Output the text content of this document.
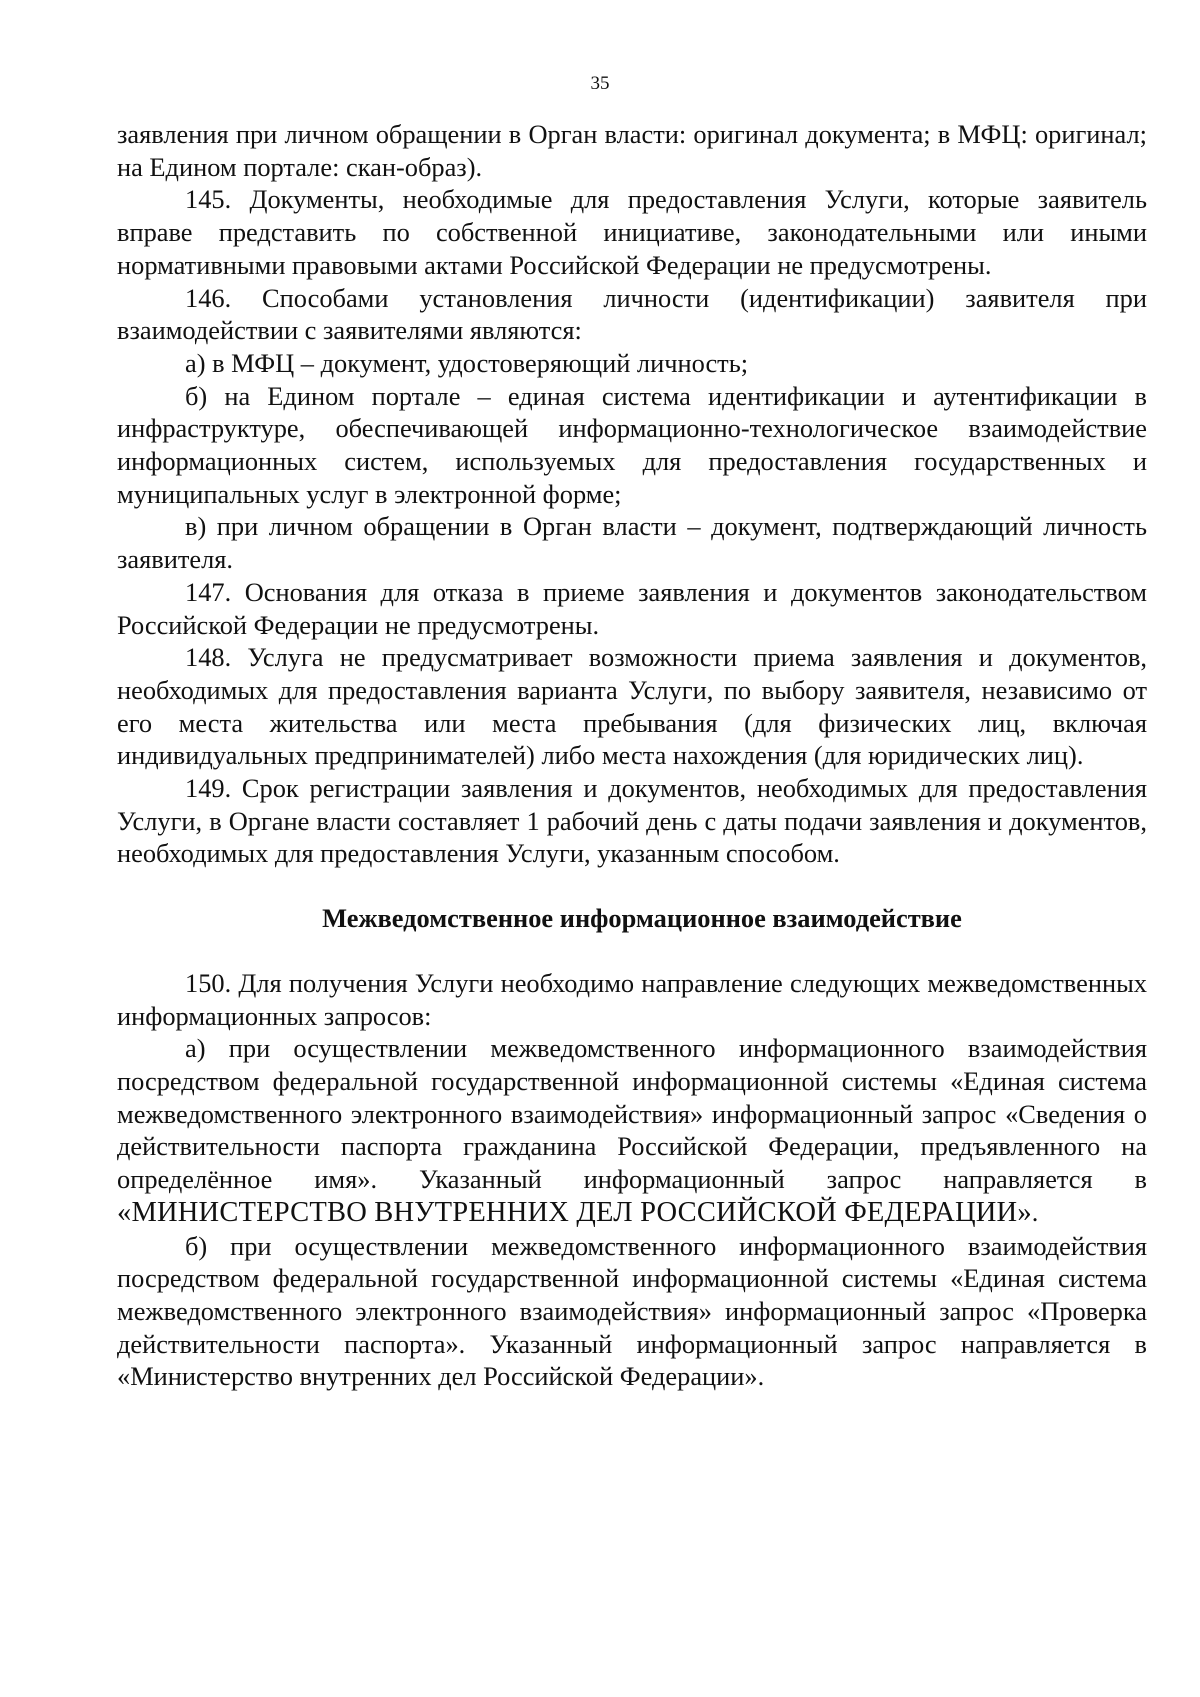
35

заявления при личном обращении в Орган власти: оригинал документа; в МФЦ: оригинал; на Едином портале: скан-образ).

145. Документы, необходимые для предоставления Услуги, которые заявитель вправе представить по собственной инициативе, законодательными или иными нормативными правовыми актами Российской Федерации не предусмотрены.

146. Способами установления личности (идентификации) заявителя при взаимодействии с заявителями являются:

а) в МФЦ – документ, удостоверяющий личность;

б) на Едином портале – единая система идентификации и аутентификации в инфраструктуре, обеспечивающей информационно-технологическое взаимодействие информационных систем, используемых для предоставления государственных и муниципальных услуг в электронной форме;

в) при личном обращении в Орган власти – документ, подтверждающий личность заявителя.

147. Основания для отказа в приеме заявления и документов законодательством Российской Федерации не предусмотрены.

148. Услуга не предусматривает возможности приема заявления и документов, необходимых для предоставления варианта Услуги, по выбору заявителя, независимо от его места жительства или места пребывания (для физических лиц, включая индивидуальных предпринимателей) либо места нахождения (для юридических лиц).

149. Срок регистрации заявления и документов, необходимых для предоставления Услуги, в Органе власти составляет 1 рабочий день с даты подачи заявления и документов, необходимых для предоставления Услуги, указанным способом.

Межведомственное информационное взаимодействие

150. Для получения Услуги необходимо направление следующих межведомственных информационных запросов:

а) при осуществлении межведомственного информационного взаимодействия посредством федеральной государственной информационной системы «Единая система межведомственного электронного взаимодействия» информационный запрос «Сведения о действительности паспорта гражданина Российской Федерации, предъявленного на определённое имя». Указанный информационный запрос направляется в «МИНИСТЕРСТВО ВНУТРЕННИХ ДЕЛ РОССИЙСКОЙ ФЕДЕРАЦИИ».

б) при осуществлении межведомственного информационного взаимодействия посредством федеральной государственной информационной системы «Единая система межведомственного электронного взаимодействия» информационный запрос «Проверка действительности паспорта». Указанный информационный запрос направляется в «Министерство внутренних дел Российской Федерации».
